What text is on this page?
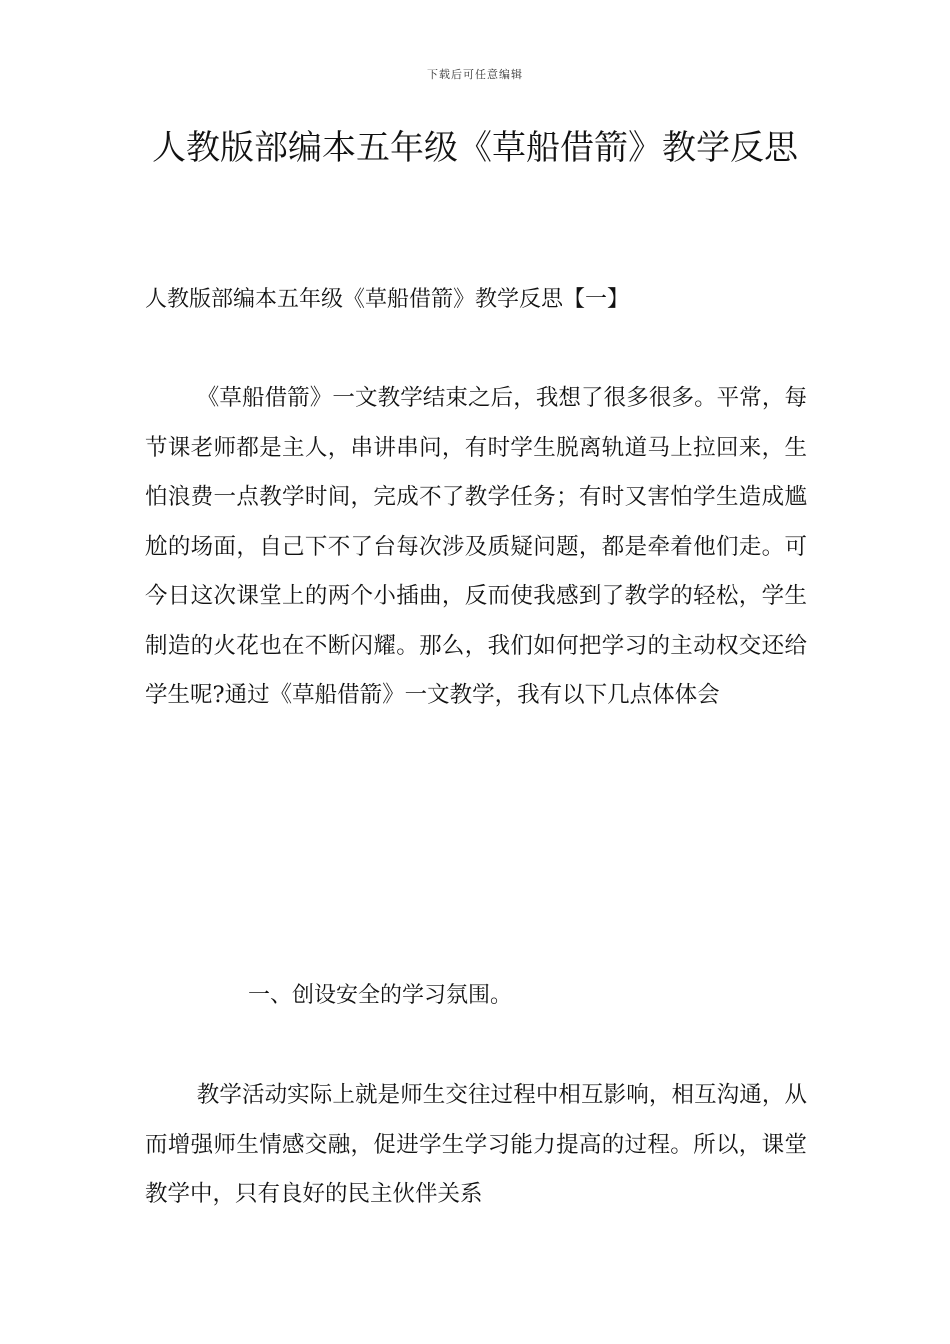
下载后可任意编辑
人教版部编本五年级《草船借箭》教学反思
人教版部编本五年级《草船借箭》教学反思【一】

《草船借箭》一文教学结束之后，我想了很多很多。平常，每节课老师都是主人，串讲串问，有时学生脱离轨道马上拉回来，生怕浪费一点教学时间，完成不了教学任务；有时又害怕学生造成尴尬的场面，自己下不了台每次涉及质疑问题，都是牵着他们走。可今日这次课堂上的两个小插曲，反而使我感到了教学的轻松，学生制造的火花也在不断闪耀。那么，我们如何把学习的主动权交还给学生呢?通过《草船借箭》一文教学，我有以下几点体体会

一、创设安全的学习氛围。

教学活动实际上就是师生交往过程中相互影响，相互沟通，从而增强师生情感交融，促进学生学习能力提高的过程。所以，课堂教学中，只有良好的民主伙伴关系
